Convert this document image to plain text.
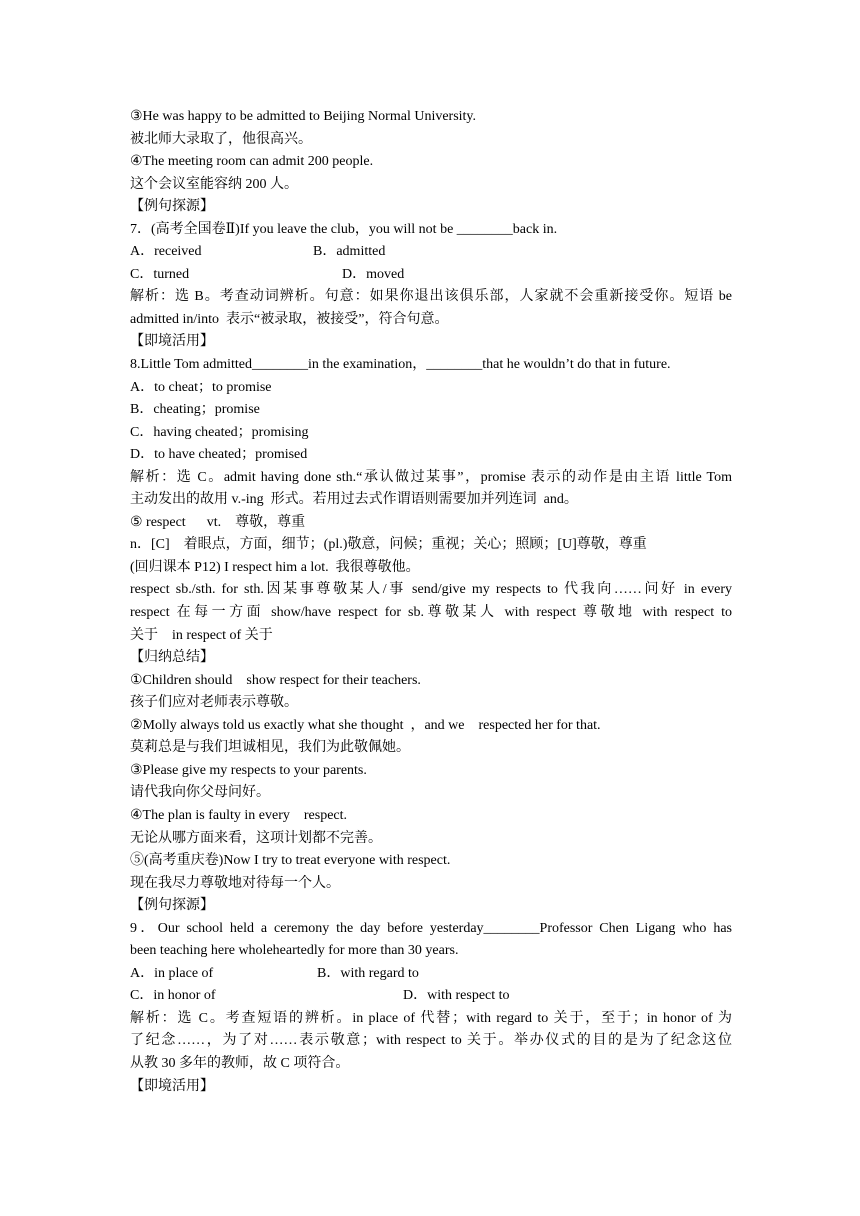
③He was happy to be admitted to Beijing Normal University.
被北师大录取了，他很高兴。
④The meeting room can admit 200 people.
这个会议室能容纳 200 人。
【例句探源】
7．(高考全国卷Ⅱ)If you leave the club，you will not be ________back in.
A．received	B．admitted
C．turned	D．moved
解析：选 B。考查动词辨析。句意：如果你退出该俱乐部，人家就不会重新接受你。短语 be
admitted in/into  表示“被录取，被接受”，符合句意。
【即境活用】
8.Little Tom admitted________in the examination，________that he wouldn’t do that in future.
A．to cheat；to promise
B．cheating；promise
C．having cheated；promising
D．to have cheated；promised
解析：选 C。admit having done sth.“承认做过某事”，promise 表示的动作是由主语 little Tom
主动发出的故用 v.-ing  形式。若用过去式作谓语则需要加并列连词  and。
⑤ respect      vt.    尊敬，尊重
n．[C]    着眼点，方面，细节；(pl.)敬意，问候；重视；关心；照顾；[U]尊敬，尊重
(回归课本 P12) I respect him a lot.  我很尊敬他。
respect sb./sth. for sth.因某事尊敬某人/事 send/give my respects to 代我向……问好 in every
respect 在每一方面 show/have respect for sb.尊敬某人 with respect 尊敬地 with respect to
关于    in respect of 关于
【归纳总结】
①Children should    show respect for their teachers.
孩子们应对老师表示尊敬。
②Molly always told us exactly what she thought  ，and we    respected her for that.
莫莉总是与我们坦诚相见，我们为此敬佩她。
③Please give my respects to your parents.
请代我向你父母问好。
④The plan is faulty in every    respect.
无论从哪方面来看，这项计划都不完善。
⑤(高考重庆卷)Now I try to treat everyone with respect.
现在我尽力尊敬地对待每一个人。
【例句探源】
9．Our school held a ceremony the day before yesterday________Professor Chen Ligang who has
been teaching here wholeheartedly for more than 30 years.
A．in place of	B．with regard to
C．in honor of	D．with respect to
解析：选 C。考查短语的辨析。in place of 代替；with regard to 关于，至于；in honor of 为
了纪念……，为了对……表示敬意；with respect to 关于。举办仪式的目的是为了纪念这位
从教 30 多年的教师，故 C 项符合。
【即境活用】
